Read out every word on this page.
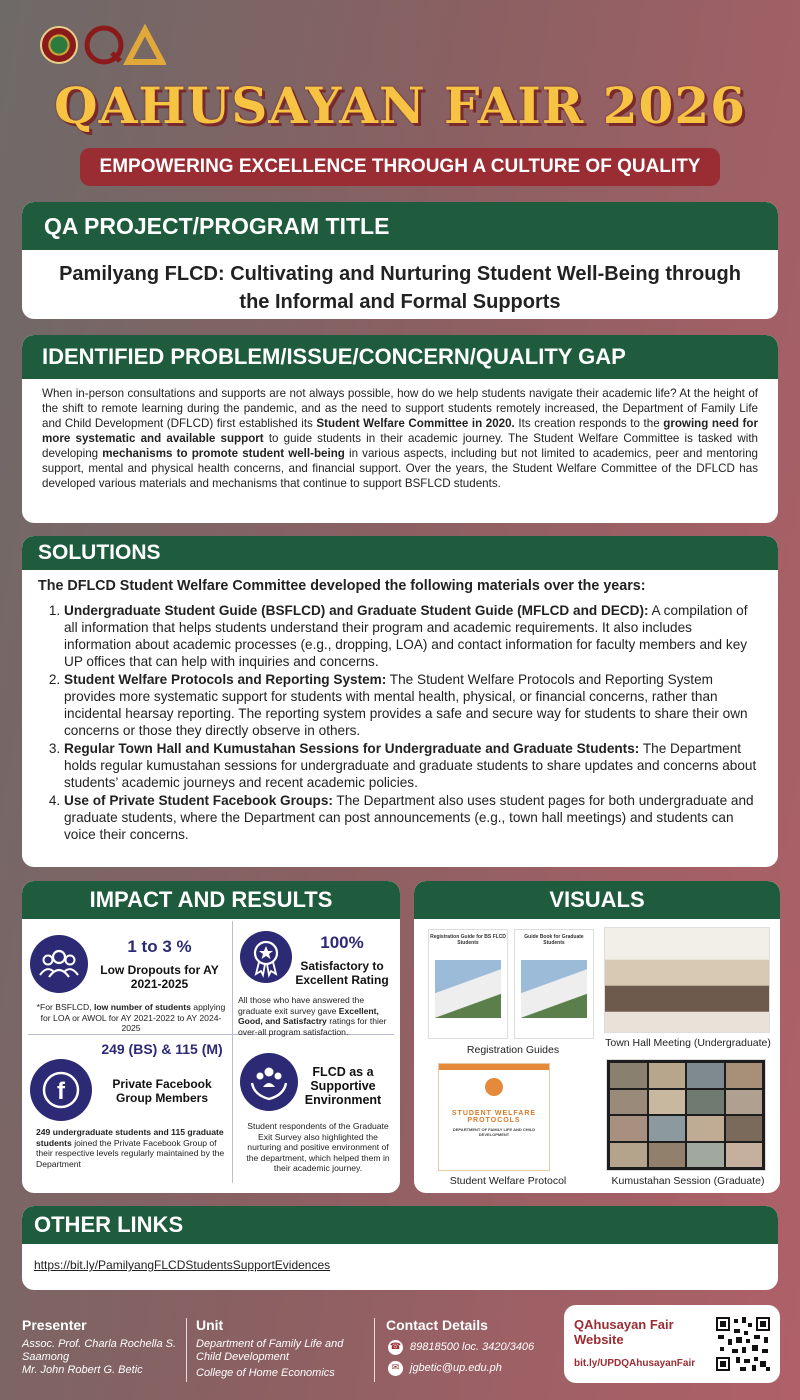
QAHUSAYAN FAIR 2026
EMPOWERING EXCELLENCE THROUGH A CULTURE OF QUALITY
QA PROJECT/PROGRAM TITLE
Pamilyang FLCD: Cultivating and Nurturing Student Well-Being through the Informal and Formal Supports
IDENTIFIED PROBLEM/ISSUE/CONCERN/QUALITY GAP
When in-person consultations and supports are not always possible, how do we help students navigate their academic life? At the height of the shift to remote learning during the pandemic, and as the need to support students remotely increased, the Department of Family Life and Child Development (DFLCD) first established its Student Welfare Committee in 2020. Its creation responds to the growing need for more systematic and available support to guide students in their academic journey. The Student Welfare Committee is tasked with developing mechanisms to promote student well-being in various aspects, including but not limited to academics, peer and mentoring support, mental and physical health concerns, and financial support. Over the years, the Student Welfare Committee of the DFLCD has developed various materials and mechanisms that continue to support BSFLCD students.
SOLUTIONS
The DFLCD Student Welfare Committee developed the following materials over the years:
1. Undergraduate Student Guide (BSFLCD) and Graduate Student Guide (MFLCD and DECD): A compilation of all information that helps students understand their program and academic requirements. It also includes information about academic processes (e.g., dropping, LOA) and contact information for faculty members and key UP offices that can help with inquiries and concerns.
2. Student Welfare Protocols and Reporting System: The Student Welfare Protocols and Reporting System provides more systematic support for students with mental health, physical, or financial concerns, rather than incidental hearsay reporting. The reporting system provides a safe and secure way for students to share their own concerns or those they directly observe in others.
3. Regular Town Hall and Kumustahan Sessions for Undergraduate and Graduate Students: The Department holds regular kumustahan sessions for undergraduate and graduate students to share updates and concerns about students’ academic journeys and recent academic policies.
4. Use of Private Student Facebook Groups: The Department also uses student pages for both undergraduate and graduate students, where the Department can post announcements (e.g., town hall meetings) and students can voice their concerns.
IMPACT AND RESULTS
1 to 3 %
Low Dropouts for AY 2021-2025
*For BSFLCD, low number of students applying for LOA or AWOL for AY 2021-2022 to AY 2024-2025
100%
Satisfactory to Excellent Rating
All those who have answered the graduate exit survey gave Excellent, Good, and Satisfactry ratings for thier over-all program satisfaction.
f
249 (BS) & 115 (M)
Private Facebook Group Members
249 undergraduate students and 115 graduate students joined the Private Facebook Group of their respective levels regularly maintained by the Department
FLCD as a Supportive Environment
Student respondents of the Graduate Exit Survey also highlighted the nurturing and positive environment of the department, which helped them in their academic journey.
VISUALS
Registration Guide for BS FLCD Students
Guide Book for Graduate Students
Registration Guides
Town Hall Meeting (Undergraduate)
STUDENT WELFARE PROTOCOLS
DEPARTMENT OF FAMILY LIFE AND CHILD DEVELOPMENT
Student Welfare Protocol	Kumustahan Session (Graduate)
OTHER LINKS
https://bit.ly/PamilyangFLCDStudentsSupportEvidences
Presenter
Assoc. Prof. Charla Rochella S. Saamong
Mr. John Robert G. Betic
Unit
Department of Family Life and Child Development
College of Home Economics
Contact Details
☎ 89818500 loc. 3420/3406
✉ jgbetic@up.edu.ph
QAhusayan Fair Website
bit.ly/UPDQAhusayanFair
